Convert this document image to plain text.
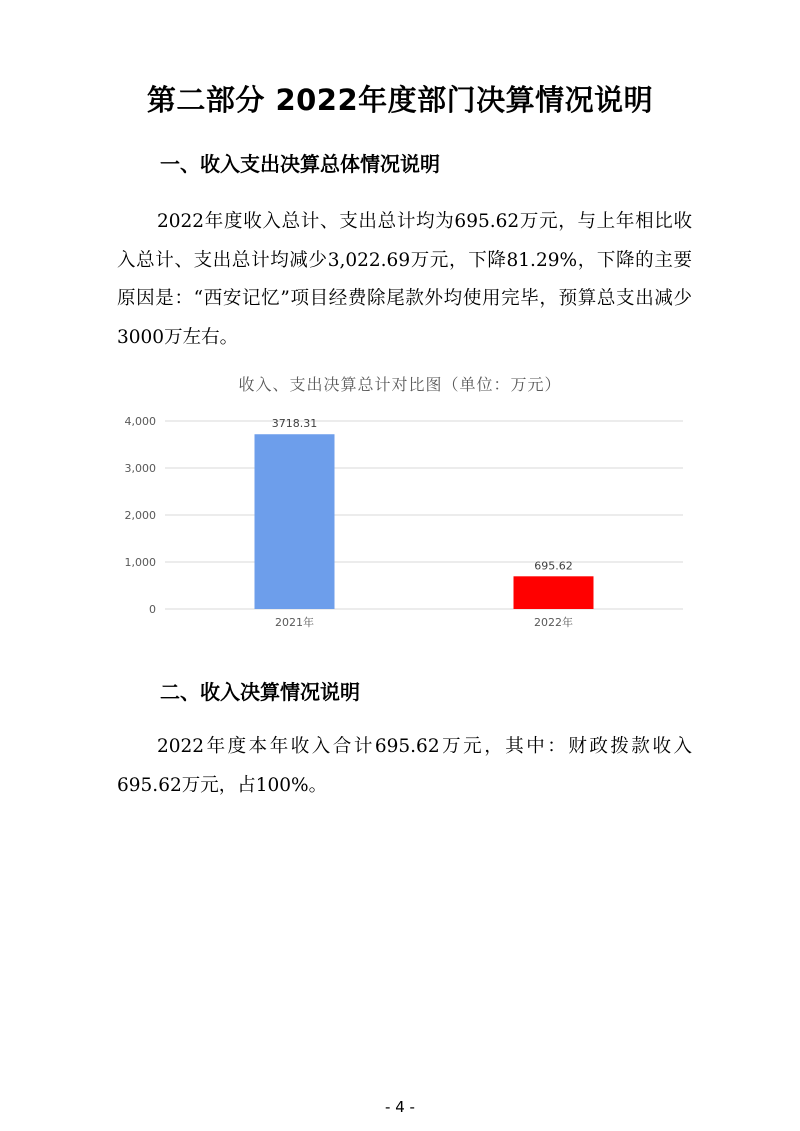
第二部分 2022年度部门决算情况说明
一、收入支出决算总体情况说明
2022年度收入总计、支出总计均为695.62万元，与上年相比收入总计、支出总计均减少3,022.69万元，下降81.29%，下降的主要原因是：“西安记忆”项目经费除尾款外均使用完毕，预算总支出减少3000万左右。
收入、支出决算总计对比图（单位：万元）
0
1,000
2,000
3,000
4,000	3718.31
2021年
695.62
2022年
二、收入决算情况说明
2022年度本年收入合计695.62万元，其中：财政拨款收入695.62万元，占100%。
- 4 -
